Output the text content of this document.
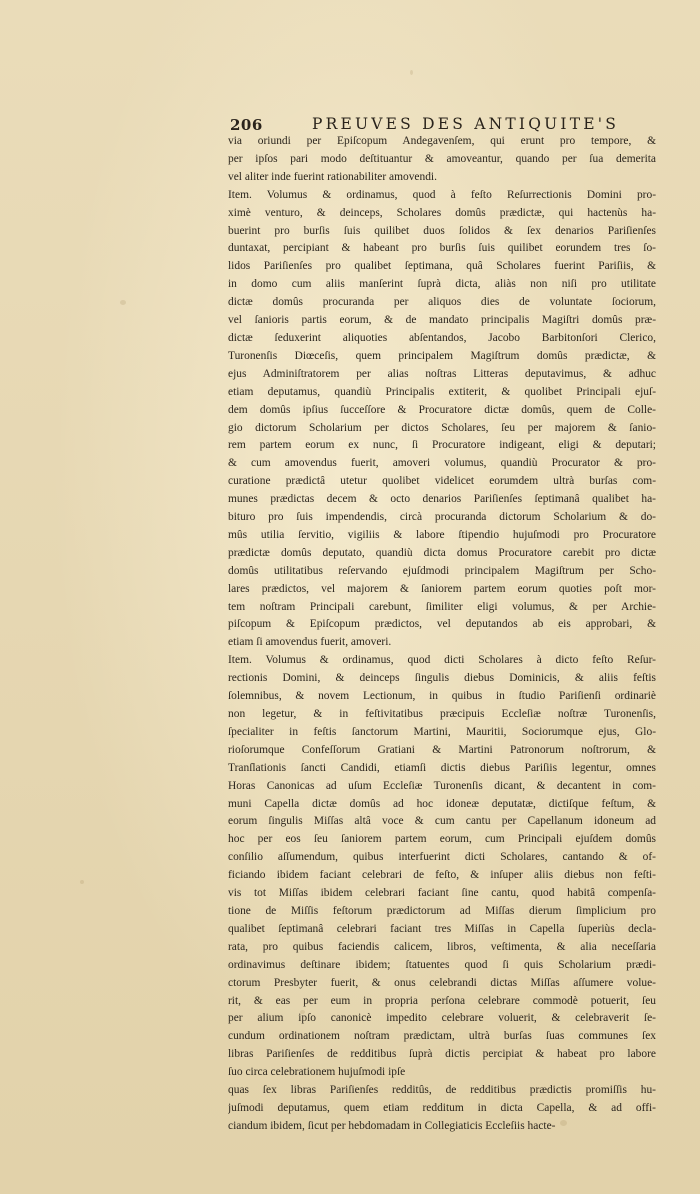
206	PREUVES DES ANTIQUITE'S
via oriundi per Epiſcopum Andegavenſem, qui erunt pro tempore, &
per ipſos pari modo deſtituantur & amoveantur, quando per ſua demerita
vel aliter inde fuerint rationabiliter amovendi.
Item. Volumus & ordinamus, quod à feſto Reſurrectionis Domini pro-
ximè venturo, & deinceps, Scholares domûs prædictæ, qui hactenùs ha-
buerint pro burſis ſuis quilibet duos ſolidos & ſex denarios Pariſienſes
duntaxat, percipiant & habeant pro burſis ſuis quilibet eorundem tres ſo-
lidos Pariſienſes pro qualibet ſeptimana, quâ Scholares fuerint Pariſiis, &
in domo cum aliis manſerint ſuprà dicta, aliàs non niſi pro utilitate
dictæ domûs procuranda per aliquos dies de voluntate ſociorum,
vel ſanioris partis eorum, & de mandato principalis Magiſtri domûs præ-
dictæ ſeduxerint aliquoties abſentandos, Jacobo Barbitonſori Clerico,
Turonenſis Diœceſis, quem principalem Magiſtrum domûs prædictæ, &
ejus Adminiſtratorem per alias noſtras Litteras deputavimus, & adhuc
etiam deputamus, quandiù Principalis extiterit, & quolibet Principali ejuſ-
dem domûs ipſius ſucceſſore & Procuratore dictæ domûs, quem de Colle-
gio dictorum Scholarium per dictos Scholares, ſeu per majorem & ſanio-
rem partem eorum ex nunc, ſi Procuratore indigeant, eligi & deputari;
& cum amovendus fuerit, amoveri volumus, quandiù Procurator & pro-
curatione prædictâ utetur quolibet videlicet eorumdem ultrà burſas com-
munes prædictas decem & octo denarios Pariſienſes ſeptimanâ qualibet ha-
bituro pro ſuis impendendis, circà procuranda dictorum Scholarium & do-
mûs utilia ſervitio, vigiliis & labore ſtipendio hujuſmodi pro Procuratore
prædictæ domûs deputato, quandiù dicta domus Procuratore carebit pro dictæ
domûs utilitatibus reſervando ejuſdmodi principalem Magiſtrum per Scho-
lares prædictos, vel majorem & ſaniorem partem eorum quoties poſt mor-
tem noſtram Principali carebunt, ſimiliter eligi volumus, & per Archie-
piſcopum & Epiſcopum prædictos, vel deputandos ab eis approbari, &
etiam ſi amovendus fuerit, amoveri.
Item. Volumus & ordinamus, quod dicti Scholares à dicto feſto Reſur-
rectionis Domini, & deinceps ſingulis diebus Dominicis, & aliis feſtis
ſolemnibus, & novem Lectionum, in quibus in ſtudio Pariſienſi ordinariè
non legetur, & in feſtivitatibus præcipuis Eccleſiæ noſtræ Turonenſis,
ſpecialiter in feſtis ſanctorum Martini, Mauritii, Sociorumque ejus, Glo-
rioſorumque Confeſſorum Gratiani & Martini Patronorum noſtrorum, &
Tranſlationis ſancti Candidi, etiamſi dictis diebus Pariſiis legentur, omnes
Horas Canonicas ad uſum Eccleſiæ Turonenſis dicant, & decantent in com-
muni Capella dictæ domûs ad hoc idoneæ deputatæ, dictiſque feſtum, &
eorum ſingulis Miſſas altâ voce & cum cantu per Capellanum idoneum ad
hoc per eos ſeu ſaniorem partem eorum, cum Principali ejuſdem domûs
conſilio aſſumendum, quibus interfuerint dicti Scholares, cantando & of-
ficiando ibidem faciant celebrari de feſto, & inſuper aliis diebus non feſti-
vis tot Miſſas ibidem celebrari faciant ſine cantu, quod habitâ compenſa-
tione de Miſſis feſtorum prædictorum ad Miſſas dierum ſimplicium pro
qualibet ſeptimanâ celebrari faciant tres Miſſas in Capella ſuperiùs decla-
rata, pro quibus faciendis calicem, libros, veſtimenta, & alia neceſſaria
ordinavimus deſtinare ibidem; ſtatuentes quod ſi quis Scholarium prædi-
ctorum Presbyter fuerit, & onus celebrandi dictas Miſſas aſſumere volue-
rit, & eas per eum in propria perſona celebrare commodè potuerit, ſeu
per alium ipſo canonicè impedito celebrare voluerit, & celebraverit ſe-
cundum ordinationem noſtram prædictam, ultrà burſas ſuas communes ſex
libras Pariſienſes de redditibus ſuprà dictis percipiat & habeat pro labore
ſuo circa celebrationem hujuſmodi ipſe
quas ſex libras Pariſienſes redditûs, de redditibus prædictis promiſſis hu-
juſmodi deputamus, quem etiam redditum in dicta Capella, & ad offi-
ciandum ibidem, ſicut per hebdomadam in Collegiaticis Eccleſiis hacte-
